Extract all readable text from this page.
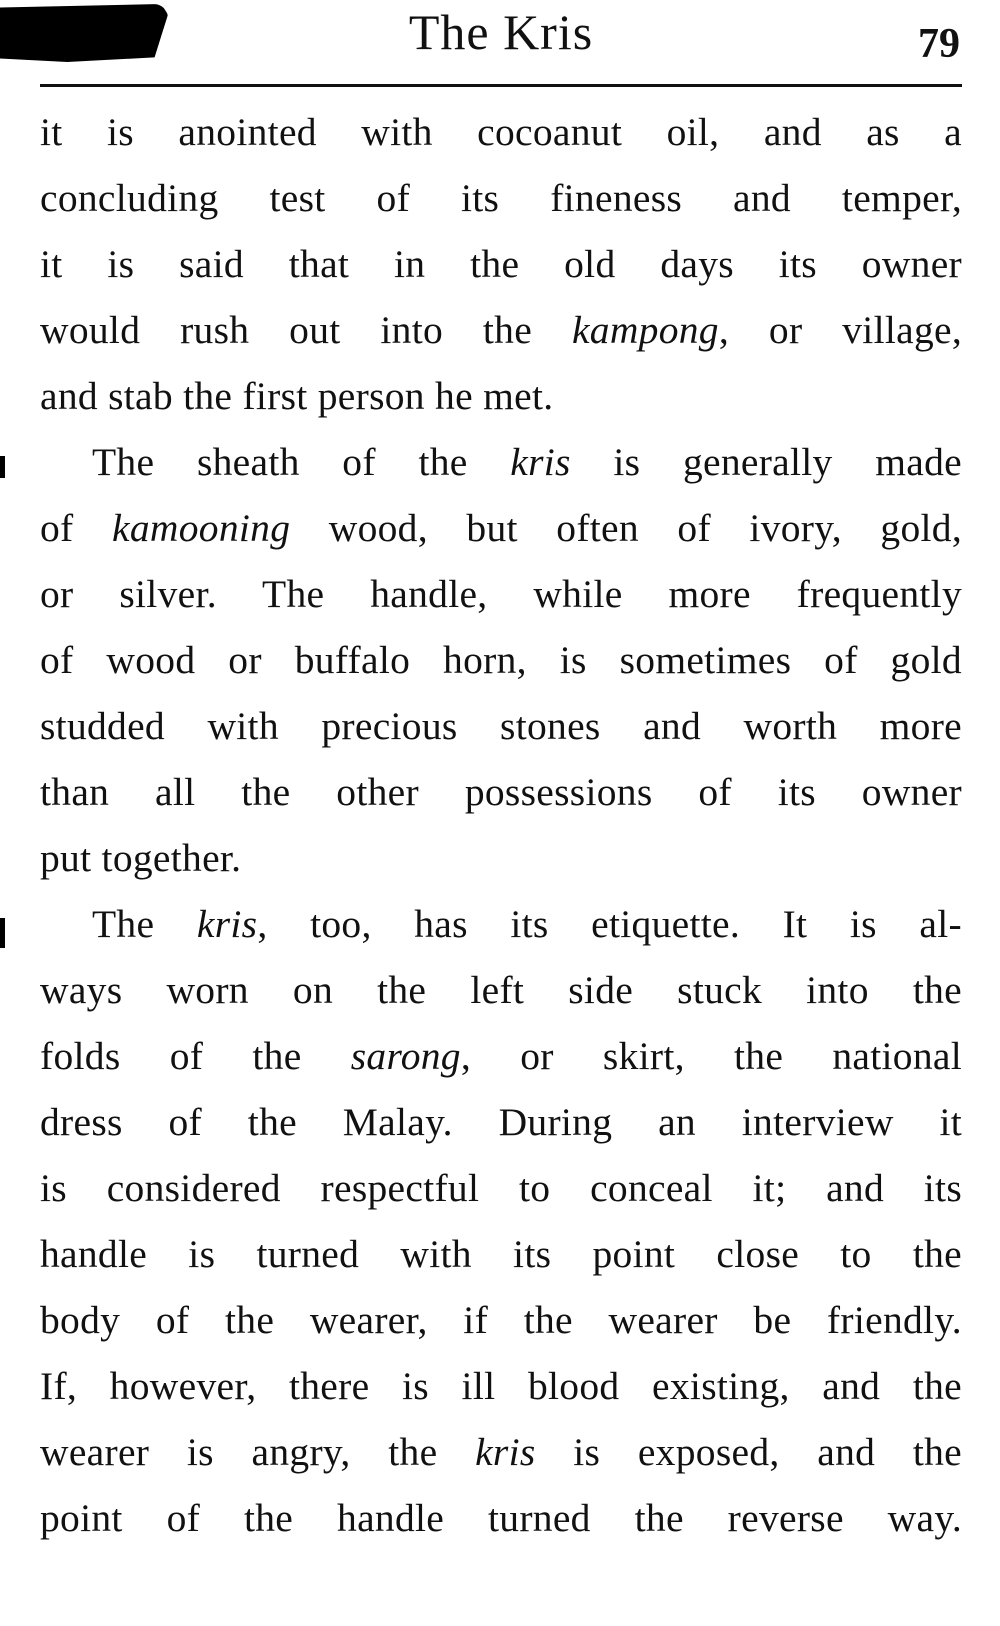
The Kris	79
it is anointed with cocoanut oil, and as a
concluding test of its fineness and temper,
it is said that in the old days its owner
would rush out into the kampong, or village,
and stab the first person he met.
The sheath of the kris is generally made
of kamooning wood, but often of ivory, gold,
or silver. The handle, while more frequently
of wood or buffalo horn, is sometimes of gold
studded with precious stones and worth more
than all the other possessions of its owner
put together.
The kris, too, has its etiquette. It is al-
ways worn on the left side stuck into the
folds of the sarong, or skirt, the national
dress of the Malay. During an interview it
is considered respectful to conceal it; and its
handle is turned with its point close to the
body of the wearer, if the wearer be friendly.
If, however, there is ill blood existing, and the
wearer is angry, the kris is exposed, and the
point of the handle turned the reverse way.
